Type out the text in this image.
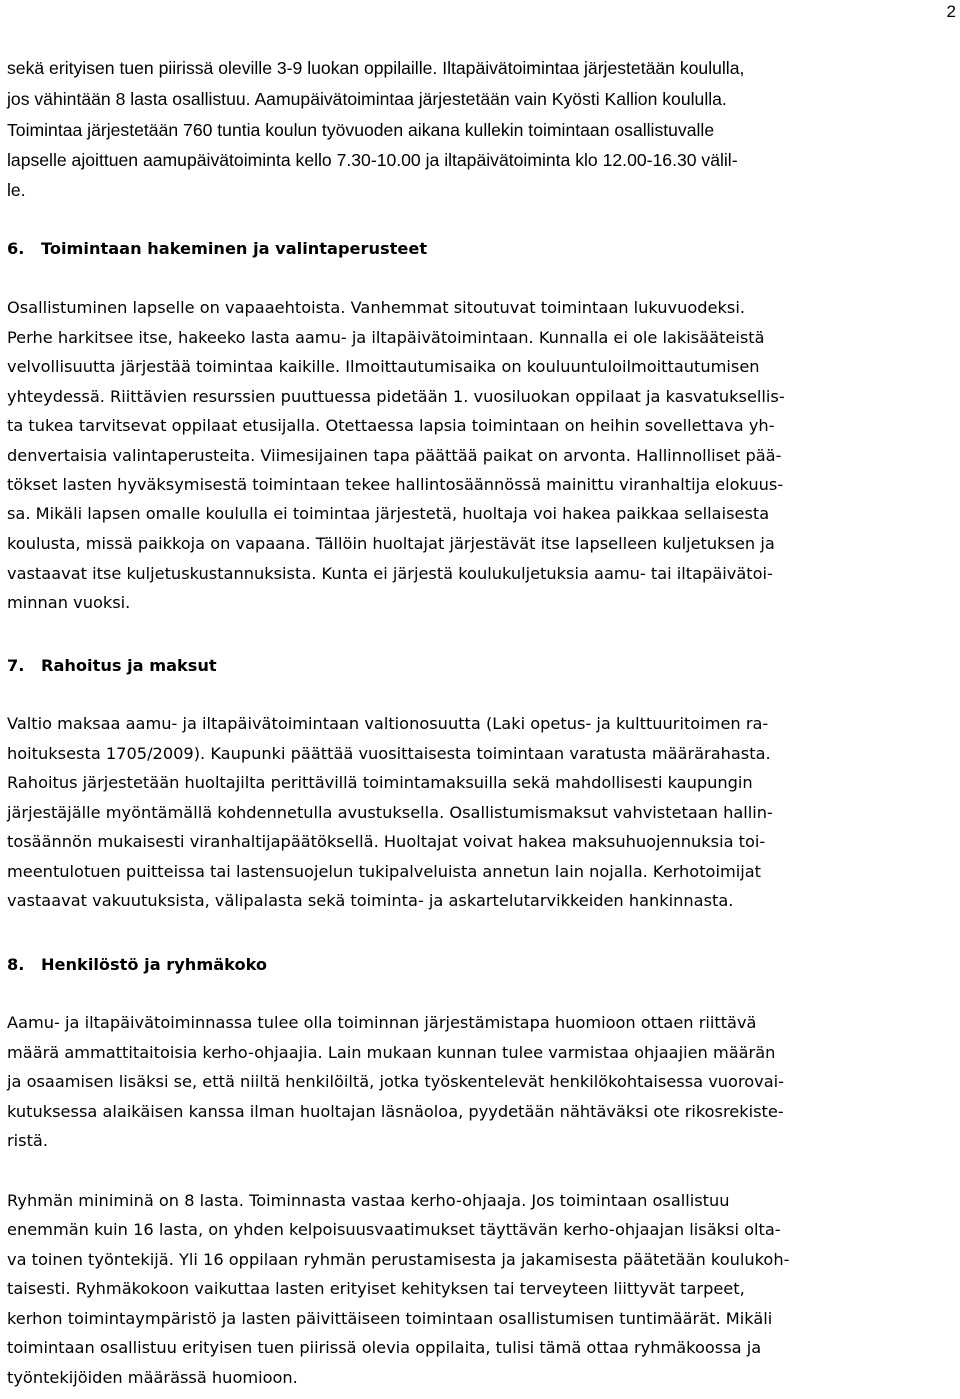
2
sekä erityisen tuen piirissä oleville 3-9 luokan oppilaille. Iltapäivätoimintaa järjestetään koululla,
jos vähintään 8 lasta osallistuu. Aamupäivätoimintaa järjestetään vain Kyösti Kallion koululla.
Toimintaa järjestetään 760 tuntia koulun työvuoden aikana kullekin toimintaan osallistuvalle
lapselle ajoittuen aamupäivätoiminta kello 7.30-10.00 ja iltapäivätoiminta klo 12.00-16.30 välil-
le.
6. Toimintaan hakeminen ja valintaperusteet
Osallistuminen lapselle on vapaaehtoista. Vanhemmat sitoutuvat toimintaan lukuvuodeksi.
Perhe harkitsee itse, hakeeko lasta aamu- ja iltapäivätoimintaan. Kunnalla ei ole lakisääteistä
velvollisuutta järjestää toimintaa kaikille. Ilmoittautumisaika on kouluuntuloilmoittautumisen
yhteydessä. Riittävien resurssien puuttuessa pidetään 1. vuosiluokan oppilaat ja kasvatuksellis-
ta tukea tarvitsevat oppilaat etusijalla. Otettaessa lapsia toimintaan on heihin sovellettava yh-
denvertaisia valintaperusteita. Viimesijainen tapa päättää paikat on arvonta. Hallinnolliset pää-
tökset lasten hyväksymisestä toimintaan tekee hallintosäännössä mainittu viranhaltija elokuus-
sa. Mikäli lapsen omalle koululla ei toimintaa järjestetä, huoltaja voi hakea paikkaa sellaisesta
koulusta, missä paikkoja on vapaana. Tällöin huoltajat järjestävät itse lapselleen kuljetuksen ja
vastaavat itse kuljetuskustannuksista. Kunta ei järjestä koulukuljetuksia aamu- tai iltapäivätoi-
minnan vuoksi.
7. Rahoitus ja maksut
Valtio maksaa aamu- ja iltapäivätoimintaan valtionosuutta (Laki opetus- ja kulttuuritoimen ra-
hoituksesta 1705/2009). Kaupunki päättää vuosittaisesta toimintaan varatusta määrärahasta.
Rahoitus järjestetään huoltajilta perittävillä toimintamaksuilla sekä mahdollisesti kaupungin
järjestäjälle myöntämällä kohdennetulla avustuksella. Osallistumismaksut vahvistetaan hallin-
tosäännön mukaisesti viranhaltijapäätöksellä. Huoltajat voivat hakea maksuhuojennuksia toi-
meentulotuen puitteissa tai lastensuojelun tukipalveluista annetun lain nojalla. Kerhotoimijat
vastaavat vakuutuksista, välipalasta sekä toiminta- ja askartelutarvikkeiden hankinnasta.
8. Henkilöstö ja ryhmäkoko
Aamu- ja iltapäivätoiminnassa tulee olla toiminnan järjestämistapa huomioon ottaen riittävä
määrä ammattitaitoisia kerho-ohjaajia. Lain mukaan kunnan tulee varmistaa ohjaajien määrän
ja osaamisen lisäksi se, että niiltä henkilöiltä, jotka työskentelevät henkilökohtaisessa vuorovai-
kutuksessa alaikäisen kanssa ilman huoltajan läsnäoloa, pyydetään nähtäväksi ote rikosrekiste-
ristä.
Ryhmän miniminä on 8 lasta. Toiminnasta vastaa kerho-ohjaaja. Jos toimintaan osallistuu
enemmän kuin 16 lasta, on yhden kelpoisuusvaatimukset täyttävän kerho-ohjaajan lisäksi olta-
va toinen työntekijä. Yli 16 oppilaan ryhmän perustamisesta ja jakamisesta päätetään koulukoh-
taisesti. Ryhmäkokoon vaikuttaa lasten erityiset kehityksen tai terveyteen liittyvät tarpeet,
kerhon toimintaympäristö ja lasten päivittäiseen toimintaan osallistumisen tuntimäärät. Mikäli
toimintaan osallistuu erityisen tuen piirissä olevia oppilaita, tulisi tämä ottaa ryhmäkoossa ja
työntekijöiden määrässä huomioon.
